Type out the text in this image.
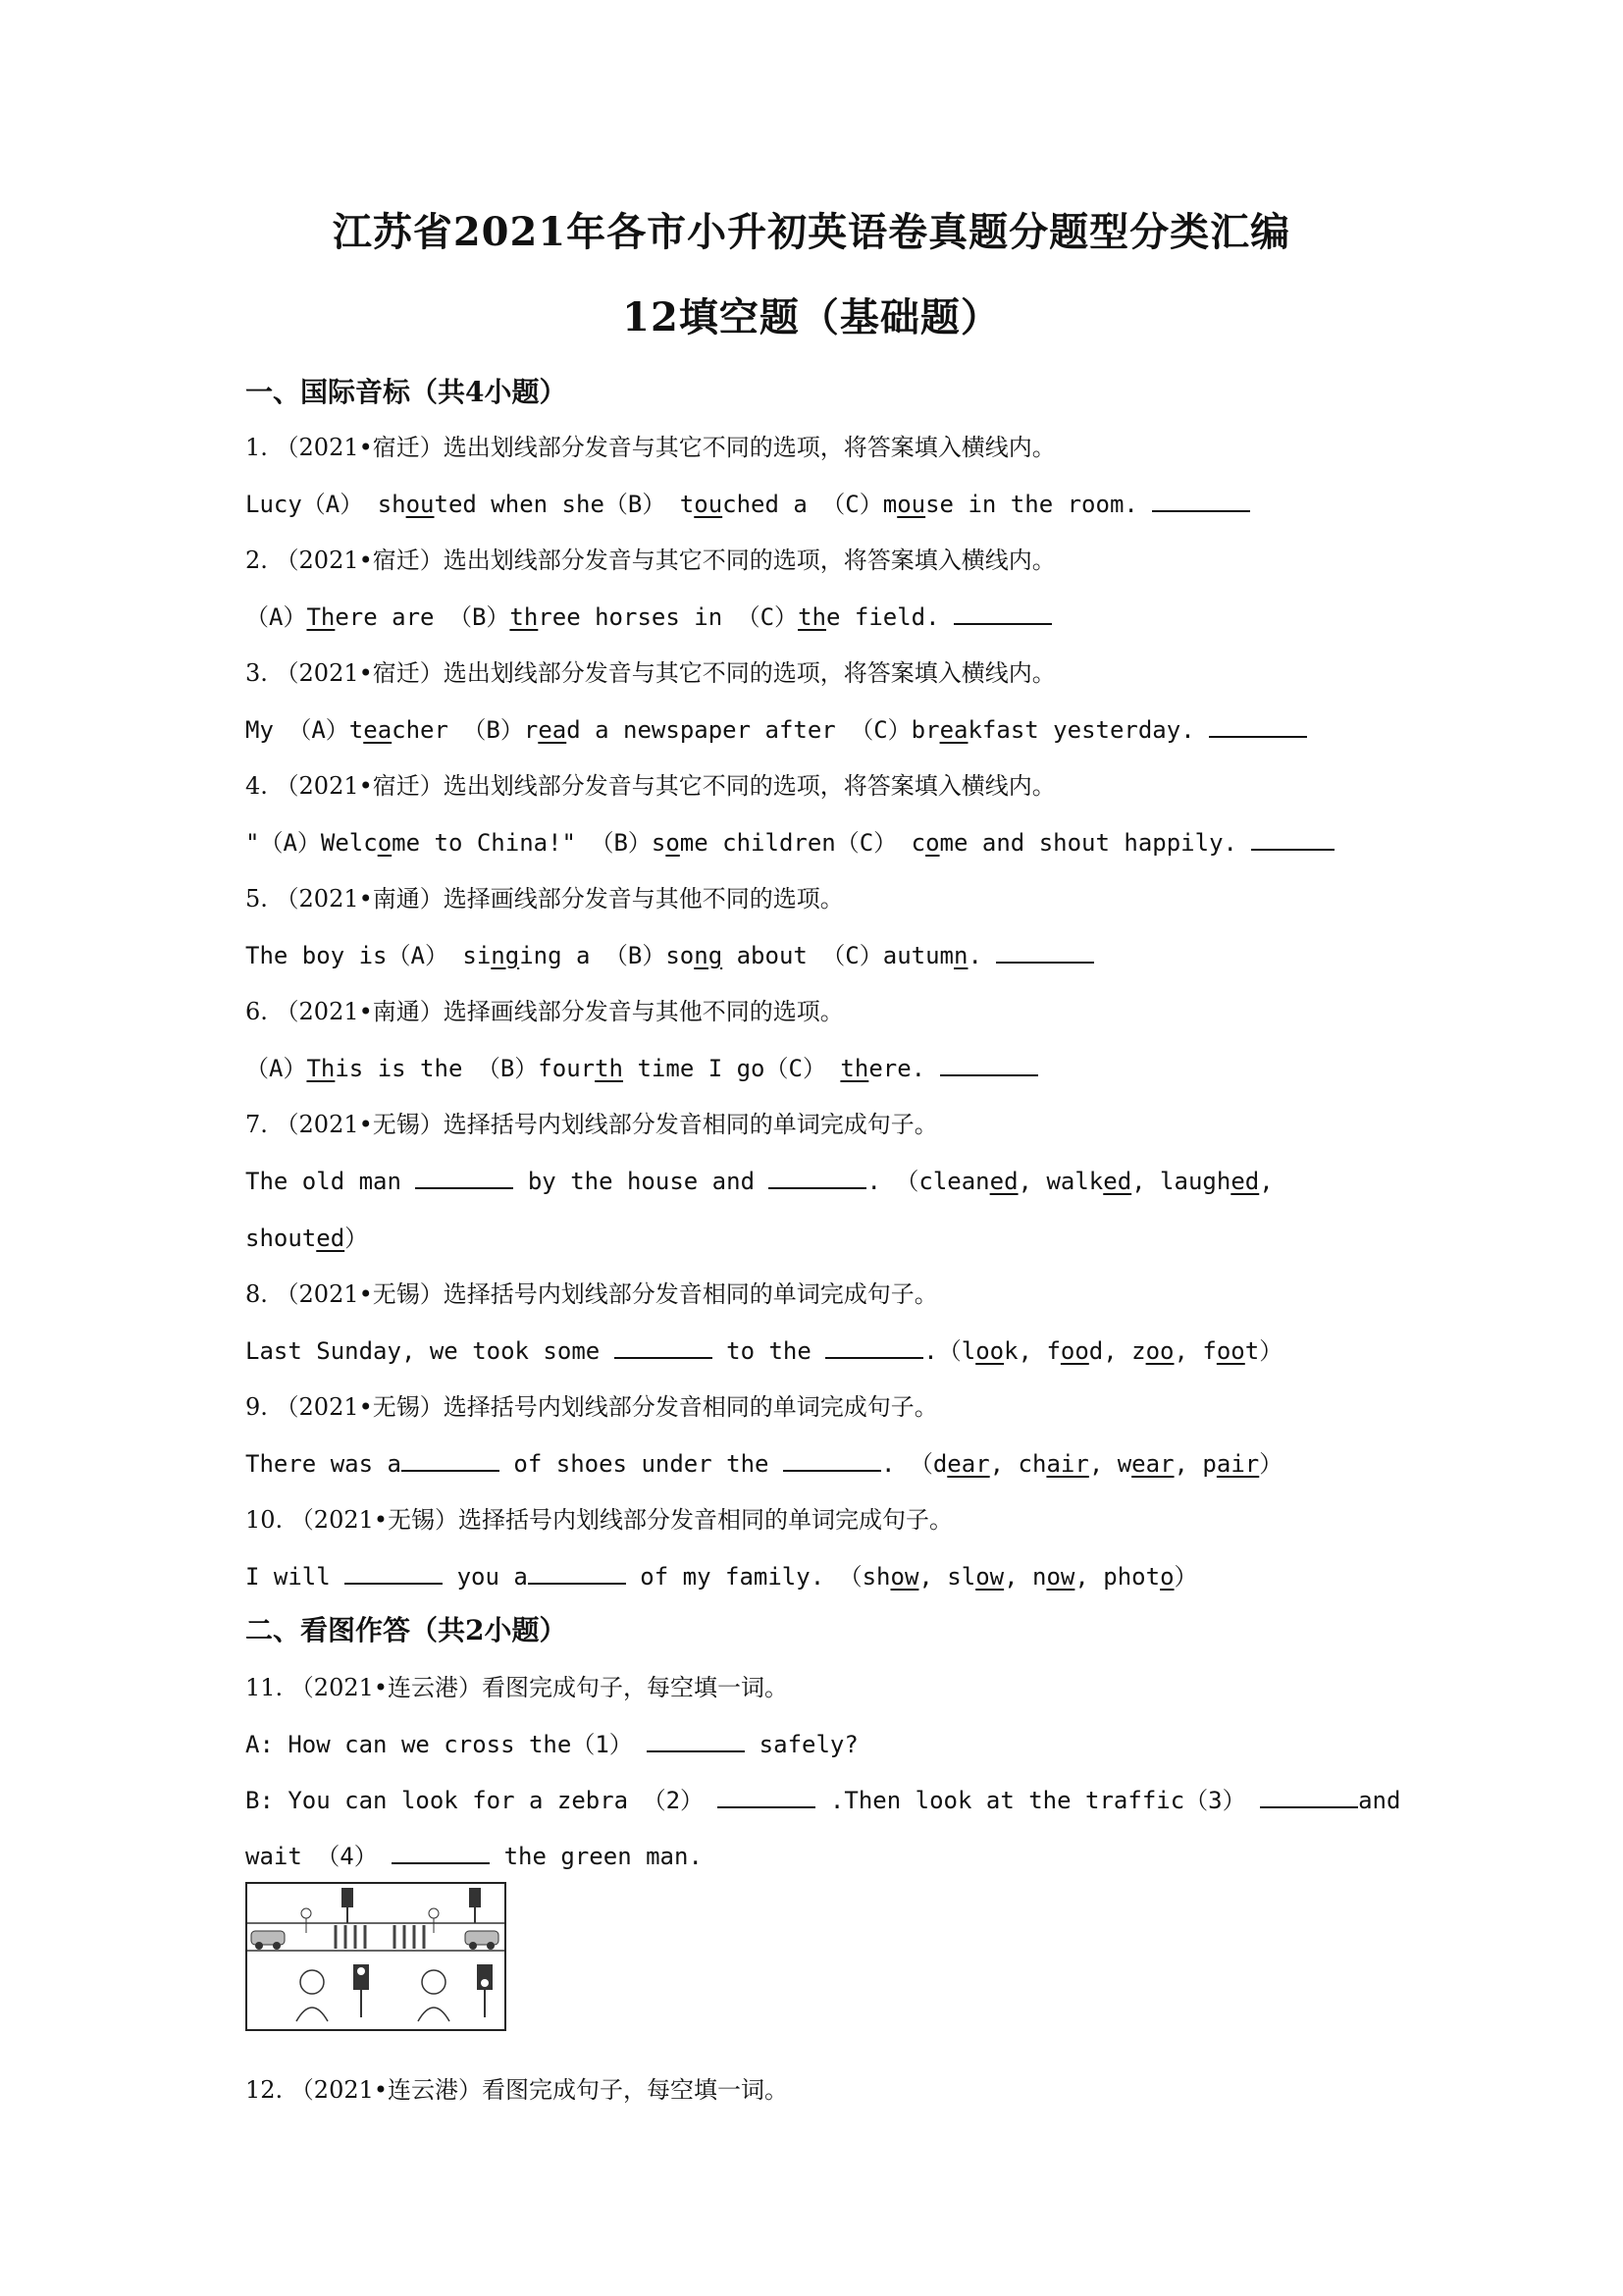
江苏省2021年各市小升初英语卷真题分题型分类汇编
12填空题（基础题）
一、国际音标（共4小题）
1. （2021•宿迁）选出划线部分发音与其它不同的选项，将答案填入横线内。
Lucy（A） shouted when she（B） touched a （C）mouse in the room.
2. （2021•宿迁）选出划线部分发音与其它不同的选项，将答案填入横线内。
（A）There are （B）three horses in （C）the field.
3. （2021•宿迁）选出划线部分发音与其它不同的选项，将答案填入横线内。
My （A）teacher （B）read a newspaper after （C）breakfast yesterday.
4. （2021•宿迁）选出划线部分发音与其它不同的选项，将答案填入横线内。
"（A）Welcome to China!" （B）some children（C） come and shout happily.
5. （2021•南通）选择画线部分发音与其他不同的选项。
The boy is（A） singing a （B）song about （C）autumn.
6. （2021•南通）选择画线部分发音与其他不同的选项。
（A）This is the （B）fourth time I go（C） there.
7. （2021•无锡）选择括号内划线部分发音相同的单词完成句子。
The old man	by the house and	. （cleaned, walked, laughed,
shouted）
8. （2021•无锡）选择括号内划线部分发音相同的单词完成句子。
Last Sunday, we took some	to the	.（look, food, zoo, foot）
9. （2021•无锡）选择括号内划线部分发音相同的单词完成句子。
There was a	of shoes under the	. （dear, chair, wear, pair）
10. （2021•无锡）选择括号内划线部分发音相同的单词完成句子。
I will	you a	of my family. （show, slow, now, photo）
二、看图作答（共2小题）
11. （2021•连云港）看图完成句子，每空填一词。
A: How can we cross the（1）	safely?
B: You can look for a zebra （2）	.Then look at the traffic（3）	and
wait （4）	the green man.
12. （2021•连云港）看图完成句子，每空填一词。
